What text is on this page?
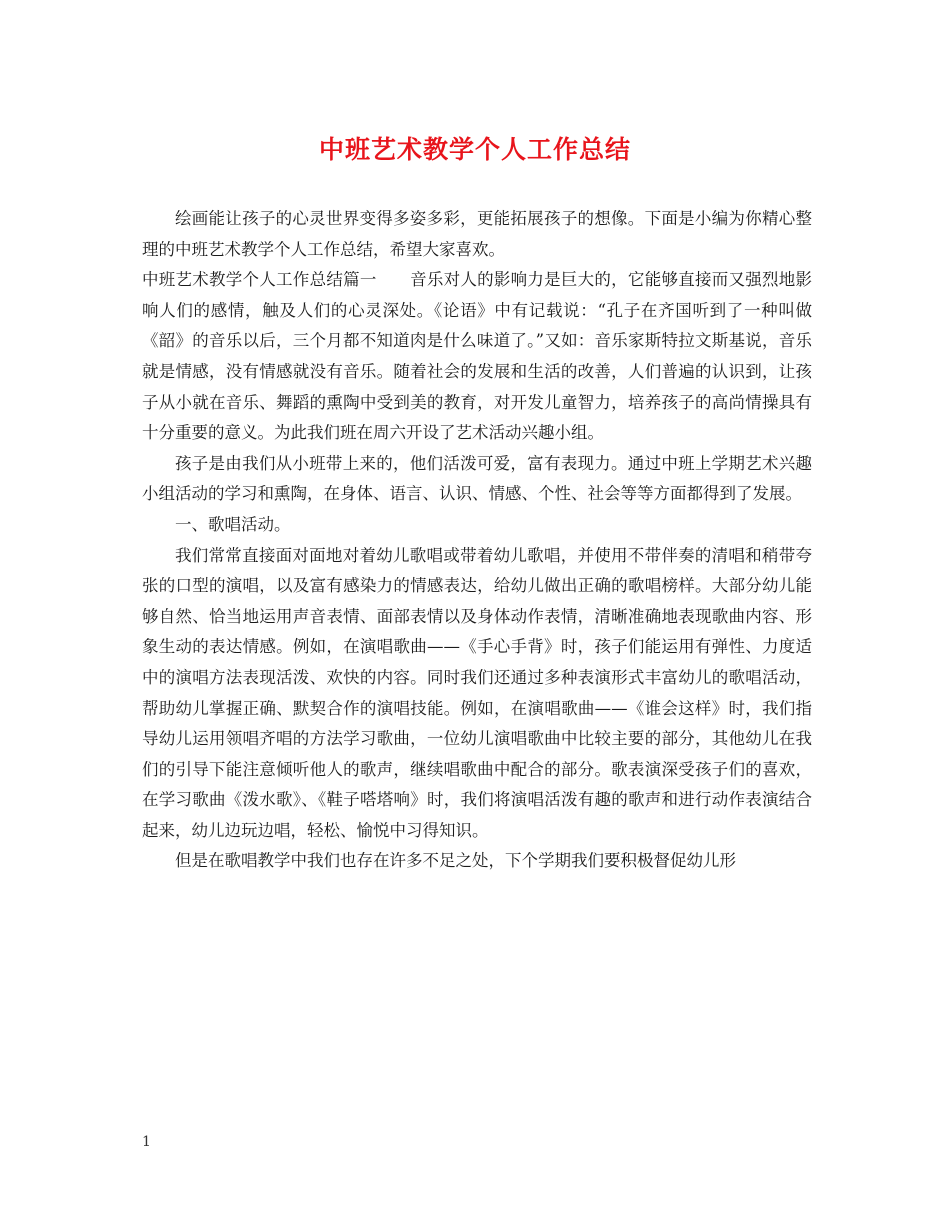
中班艺术教学个人工作总结

绘画能让孩子的心灵世界变得多姿多彩，更能拓展孩子的想像。下面是小编为你精心整理的中班艺术教学个人工作总结，希望大家喜欢。

中班艺术教学个人工作总结篇一　　音乐对人的影响力是巨大的，它能够直接而又强烈地影响人们的感情，触及人们的心灵深处。《论语》中有记载说：“孔子在齐国听到了一种叫做《韶》的音乐以后，三个月都不知道肉是什么味道了。”又如：音乐家斯特拉文斯基说，音乐就是情感，没有情感就没有音乐。随着社会的发展和生活的改善，人们普遍的认识到，让孩子从小就在音乐、舞蹈的熏陶中受到美的教育，对开发儿童智力，培养孩子的高尚情操具有十分重要的意义。为此我们班在周六开设了艺术活动兴趣小组。

孩子是由我们从小班带上来的，他们活泼可爱，富有表现力。通过中班上学期艺术兴趣小组活动的学习和熏陶，在身体、语言、认识、情感、个性、社会等等方面都得到了发展。

一、歌唱活动。

我们常常直接面对面地对着幼儿歌唱或带着幼儿歌唱，并使用不带伴奏的清唱和稍带夸张的口型的演唱，以及富有感染力的情感表达，给幼儿做出正确的歌唱榜样。大部分幼儿能够自然、恰当地运用声音表情、面部表情以及身体动作表情，清晰准确地表现歌曲内容、形象生动的表达情感。例如，在演唱歌曲——《手心手背》时，孩子们能运用有弹性、力度适中的演唱方法表现活泼、欢快的内容。同时我们还通过多种表演形式丰富幼儿的歌唱活动，帮助幼儿掌握正确、默契合作的演唱技能。例如，在演唱歌曲——《谁会这样》时，我们指导幼儿运用领唱齐唱的方法学习歌曲，一位幼儿演唱歌曲中比较主要的部分，其他幼儿在我们的引导下能注意倾听他人的歌声，继续唱歌曲中配合的部分。歌表演深受孩子们的喜欢，在学习歌曲《泼水歌》、《鞋子嗒塔响》时，我们将演唱活泼有趣的歌声和进行动作表演结合起来，幼儿边玩边唱，轻松、愉悦中习得知识。

但是在歌唱教学中我们也存在许多不足之处，下个学期我们要积极督促幼儿形

1
